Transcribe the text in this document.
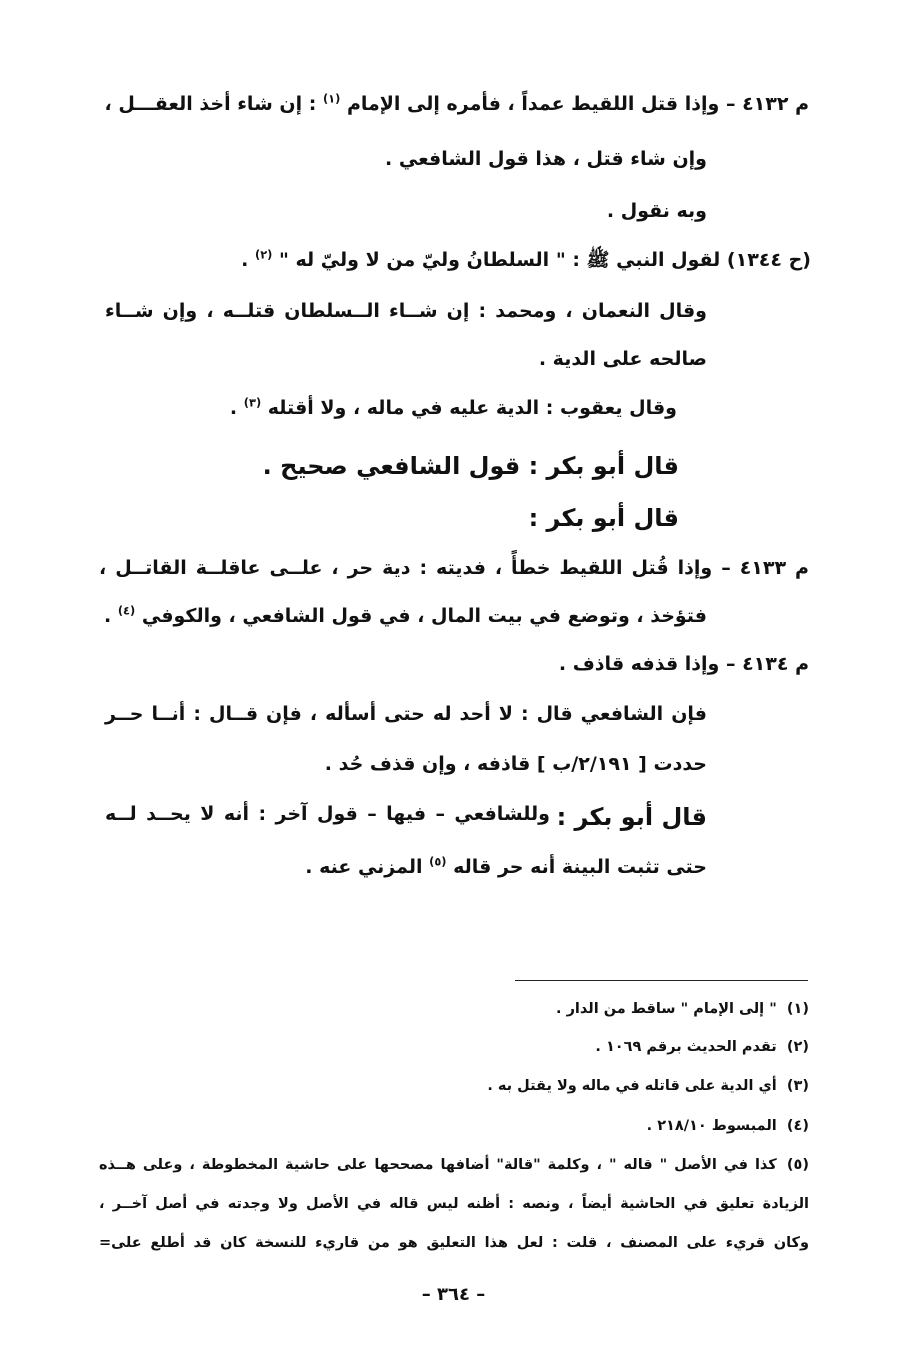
م ٤١٣٢ – وإذا قتل اللقيط عمداً ، فأمره إلى الإمام $^{(١)}$ : إن شاء أخذ العقـــل ،
وإن شاء قتل ، هذا قول الشافعي .
وبه نقول .
(ح ١٣٤٤) لقول النبي ﷺ : " السلطانُ وليّ من لا وليّ له " $^{(٢)}$ .
وقال النعمان ، ومحمد : إن شــاء الــسلطان قتلــه ، وإن شــاء
صالحه على الدية .
وقال يعقوب : الدية عليه في ماله ، ولا أقتله $^{(٣)}$ .
قال أبو بكر : قول الشافعي صحيح .
قال أبو بكر :
م ٤١٣٣ – وإذا قُتل اللقيط خطأً ، فديته : دية حر ، علــى عاقلــة القاتــل ،
فتؤخذ ، وتوضع في بيت المال ، في قول الشافعي ، والكوفي $^{(٤)}$ .
م ٤١٣٤ – وإذا قذفه قاذف .
فإن الشافعي قال : لا أحد له حتى أسأله ، فإن قــال : أنــا حــر
حددت [ ٢/١٩١/ب ] قاذفه ، وإن قذف حُد .
قال أبو بكر :

وللشافعي – فيها – قول آخر : أنه لا يحــد لــه
حتى تثبت البينة أنه حر قاله $^{(٥)}$ المزني عنه .
(١)  " إلى الإمام " ساقط من الدار .
(٢)  تقدم الحديث برقم ١٠٦٩ .
(٣)  أي الدية على قاتله في ماله ولا يقتل به .
(٤)  المبسوط ٢١٨/١٠ .
(٥)

كذا في الأصل " قاله " ، وكلمة "قالة" أضافها مصححها على حاشية المخطوطة ، وعلى هــذه
الزيادة تعليق في الحاشية أيضاً ، ونصه : أظنه ليس قاله في الأصل ولا وجدته في أصل آخــر ،
وكان قريء على المصنف ، قلت : لعل هذا التعليق هو من قاريء للنسخة كان قد أطلع على=
– ٣٦٤ –
